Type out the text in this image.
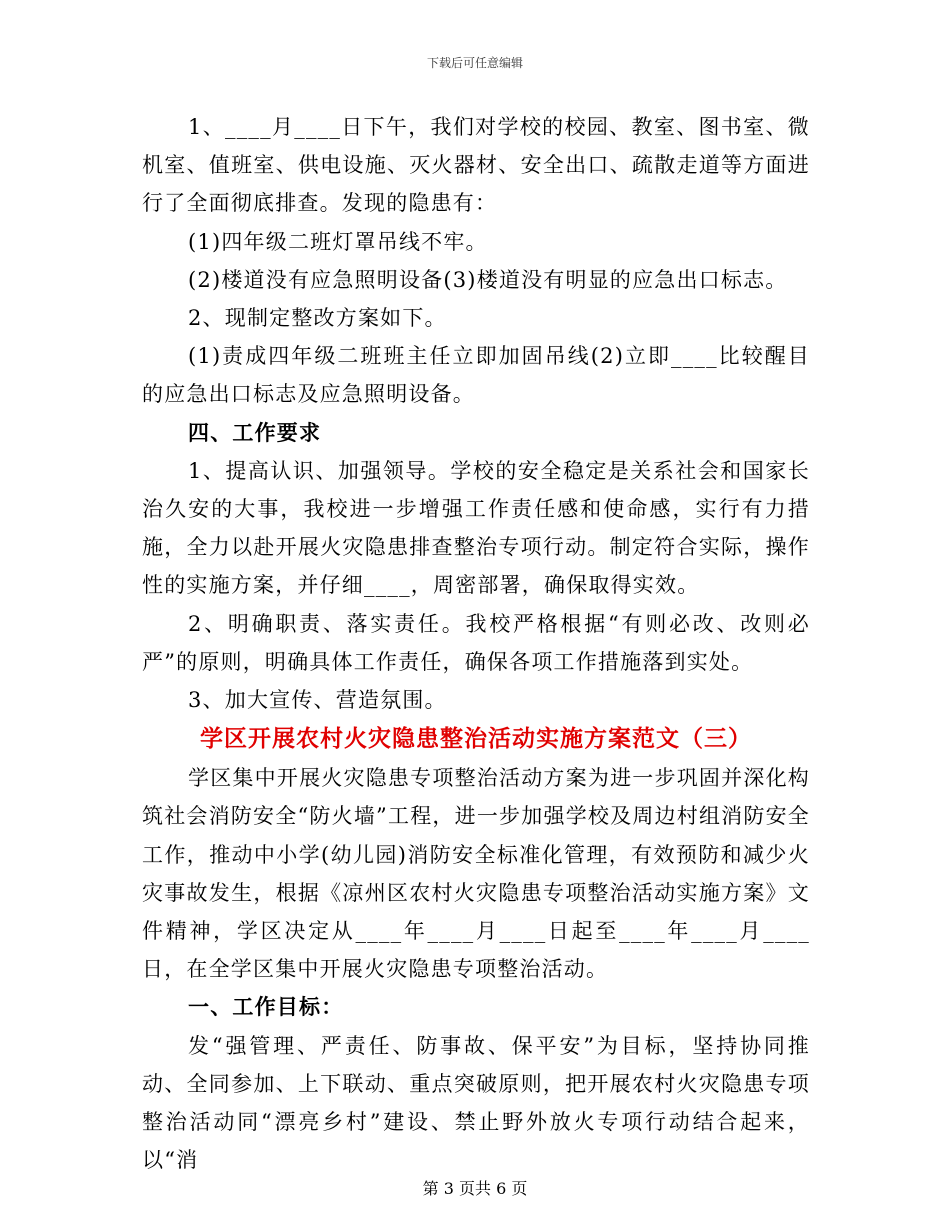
下载后可任意编辑

1、____月____日下午，我们对学校的校园、教室、图书室、微机室、值班室、供电设施、灭火器材、安全出口、疏散走道等方面进行了全面彻底排查。发现的隐患有：

(1)四年级二班灯罩吊线不牢。

(2)楼道没有应急照明设备(3)楼道没有明显的应急出口标志。

2、现制定整改方案如下。

(1)责成四年级二班班主任立即加固吊线(2)立即____比较醒目的应急出口标志及应急照明设备。

四、工作要求

1、提高认识、加强领导。学校的安全稳定是关系社会和国家长治久安的大事，我校进一步增强工作责任感和使命感，实行有力措施，全力以赴开展火灾隐患排查整治专项行动。制定符合实际，操作性的实施方案，并仔细____，周密部署，确保取得实效。

2、明确职责、落实责任。我校严格根据“有则必改、改则必严”的原则，明确具体工作责任，确保各项工作措施落到实处。

3、加大宣传、营造氛围。

学区开展农村火灾隐患整治活动实施方案范文（三）

学区集中开展火灾隐患专项整治活动方案为进一步巩固并深化构筑社会消防安全“防火墙”工程，进一步加强学校及周边村组消防安全工作，推动中小学(幼儿园)消防安全标准化管理，有效预防和减少火灾事故发生，根据《凉州区农村火灾隐患专项整治活动实施方案》文件精神，学区决定从____年____月____日起至____年____月____日，在全学区集中开展火灾隐患专项整治活动。

一、工作目标：

发“强管理、严责任、防事故、保平安”为目标，坚持协同推动、全同参加、上下联动、重点突破原则，把开展农村火灾隐患专项整治活动同“漂亮乡村”建设、禁止野外放火专项行动结合起来，以“消

第 3 页共 6 页
